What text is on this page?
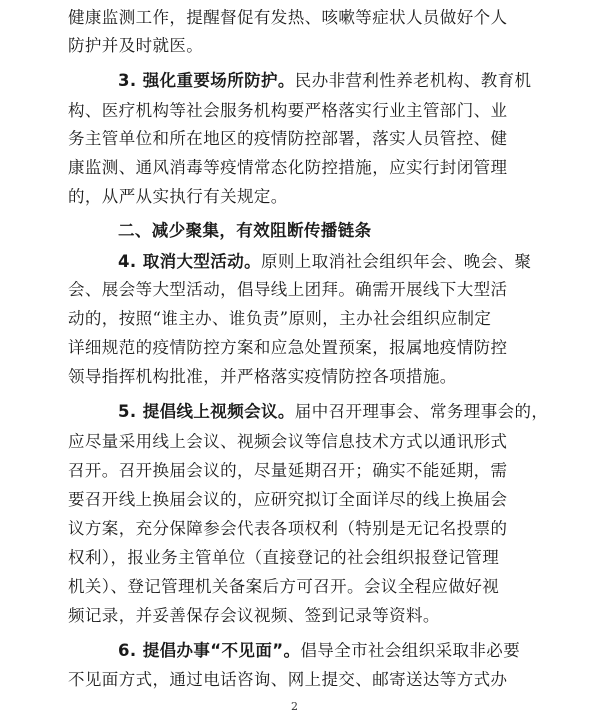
健康监测工作，提醒督促有发热、咳嗽等症状人员做好个人
防护并及时就医。
3. 强化重要场所防护。民办非营利性养老机构、教育机
构、医疗机构等社会服务机构要严格落实行业主管部门、业
务主管单位和所在地区的疫情防控部署，落实人员管控、健
康监测、通风消毒等疫情常态化防控措施，应实行封闭管理
的，从严从实执行有关规定。
二、减少聚集，有效阻断传播链条
4. 取消大型活动。原则上取消社会组织年会、晚会、聚
会、展会等大型活动，倡导线上团拜。确需开展线下大型活
动的，按照“谁主办、谁负责”原则，主办社会组织应制定
详细规范的疫情防控方案和应急处置预案，报属地疫情防控
领导指挥机构批准，并严格落实疫情防控各项措施。
5. 提倡线上视频会议。届中召开理事会、常务理事会的，
应尽量采用线上会议、视频会议等信息技术方式以通讯形式
召开。召开换届会议的，尽量延期召开；确实不能延期，需
要召开线上换届会议的，应研究拟订全面详尽的线上换届会
议方案，充分保障参会代表各项权利（特别是无记名投票的
权利），报业务主管单位（直接登记的社会组织报登记管理
机关）、登记管理机关备案后方可召开。会议全程应做好视
频记录，并妥善保存会议视频、签到记录等资料。
6. 提倡办事“不见面”。倡导全市社会组织采取非必要
不见面方式，通过电话咨询、网上提交、邮寄送达等方式办
2
